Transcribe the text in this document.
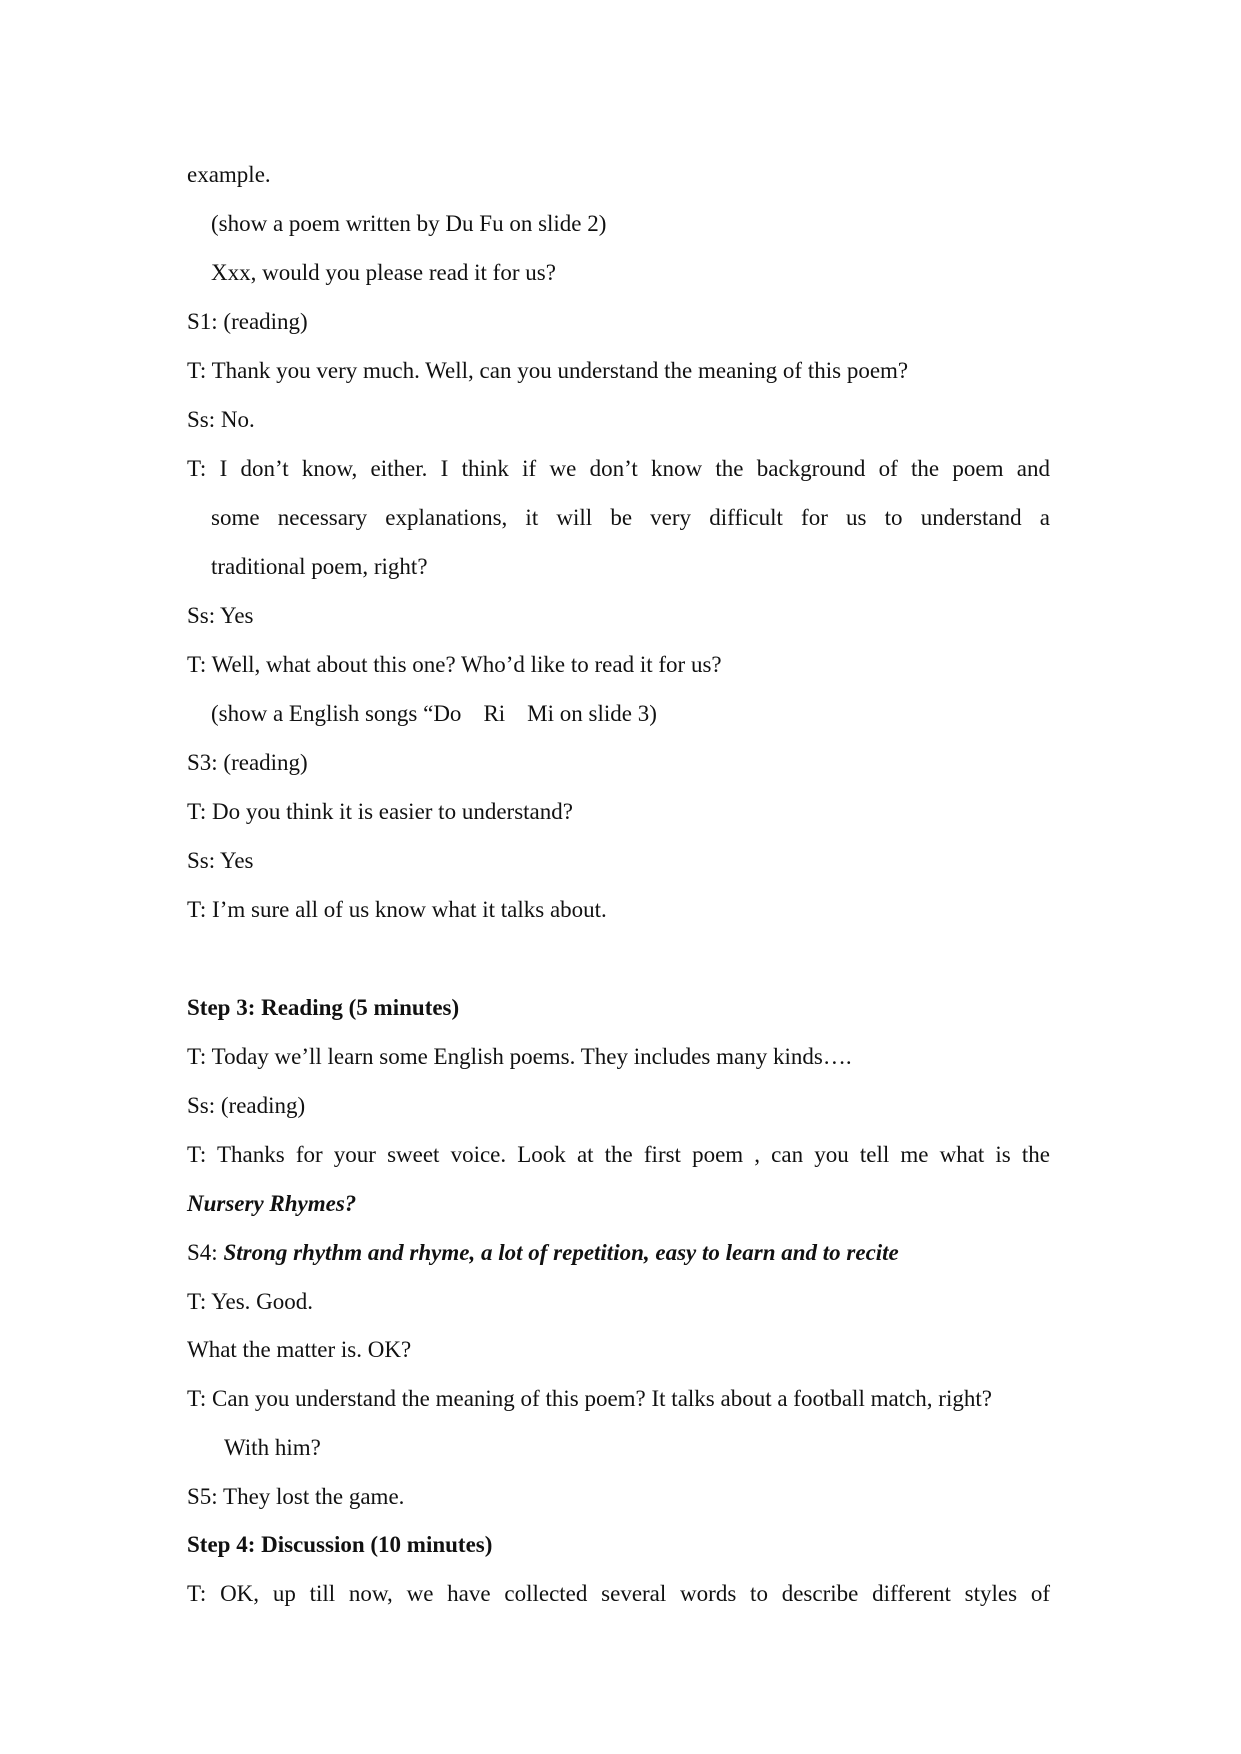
example.
(show a poem written by Du Fu on slide 2)
Xxx, would you please read it for us?
S1: (reading)
T: Thank you very much. Well, can you understand the meaning of this poem?
Ss: No.
T: I don’t know, either. I think if we don’t know the background of the poem and
some necessary explanations, it will be very difficult for us to understand a
traditional poem, right?
Ss: Yes
T: Well, what about this one? Who’d like to read it for us?
(show a English songs “Do Ri Mi on slide 3)
S3: (reading)
T: Do you think it is easier to understand?
Ss: Yes
T: I’m sure all of us know what it talks about.
Step 3: Reading (5 minutes)
T: Today we’ll learn some English poems. They includes many kinds….
Ss: (reading)
T: Thanks for your sweet voice. Look at the first poem , can you tell me what is the
Nursery Rhymes?
S4: Strong rhythm and rhyme, a lot of repetition, easy to learn and to recite
T: Yes. Good.
What the matter is. OK?
T: Can you understand the meaning of this poem? It talks about a football match, right?
With him?
S5: They lost the game.
Step 4: Discussion (10 minutes)
T: OK, up till now, we have collected several words to describe different styles of
